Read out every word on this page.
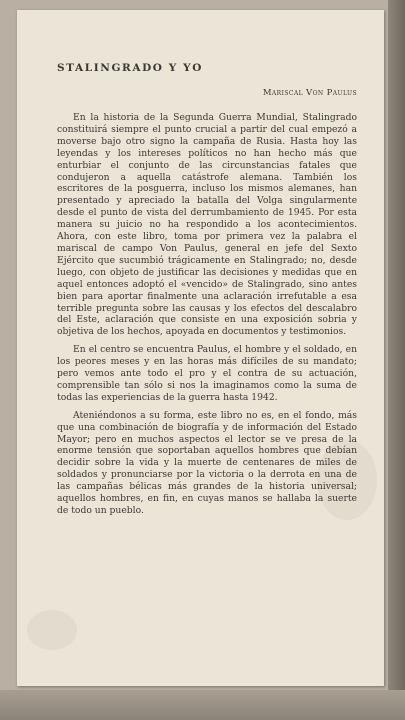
STALINGRADO Y YO

Mariscal Von Paulus

En la historia de la Segunda Guerra Mundial, Stalingrado constituirá siempre el punto crucial a partir del cual empezó a moverse bajo otro signo la campaña de Rusia. Hasta hoy las leyendas y los intereses políticos no han hecho más que enturbiar el conjunto de las circunstancias fatales que condujeron a aquella catástrofe alemana. También los escritores de la posguerra, incluso los mismos alemanes, han presentado y apreciado la batalla del Volga singularmente desde el punto de vista del derrumbamiento de 1945. Por esta manera su juicio no ha respondido a los acontecimientos. Ahora, con este libro, toma por primera vez la palabra el mariscal de campo Von Paulus, general en jefe del Sexto Ejército que sucumbió trágicamente en Stalingrado; no, desde luego, con objeto de justificar las decisiones y medidas que en aquel entonces adoptó el «vencido» de Stalingrado, sino antes bien para aportar finalmente una aclaración irrefutable a esa terrible pregunta sobre las causas y los efectos del descalabro del Este, aclaración que consiste en una exposición sobria y objetiva de los hechos, apoyada en documentos y testimonios.

En el centro se encuentra Paulus, el hombre y el soldado, en los peores meses y en las horas más difíciles de su mandato; pero vemos ante todo el pro y el contra de su actuación, comprensible tan sólo si nos la imaginamos como la suma de todas las experiencias de la guerra hasta 1942.

Ateniéndonos a su forma, este libro no es, en el fondo, más que una combinación de biografía y de información del Estado Mayor; pero en muchos aspectos el lector se ve presa de la enorme tensión que soportaban aquellos hombres que debían decidir sobre la vida y la muerte de centenares de miles de soldados y pronunciarse por la victoria o la derrota en una de las campañas bélicas más grandes de la historia universal; aquellos hombres, en fin, en cuyas manos se hallaba la suerte de todo un pueblo.
